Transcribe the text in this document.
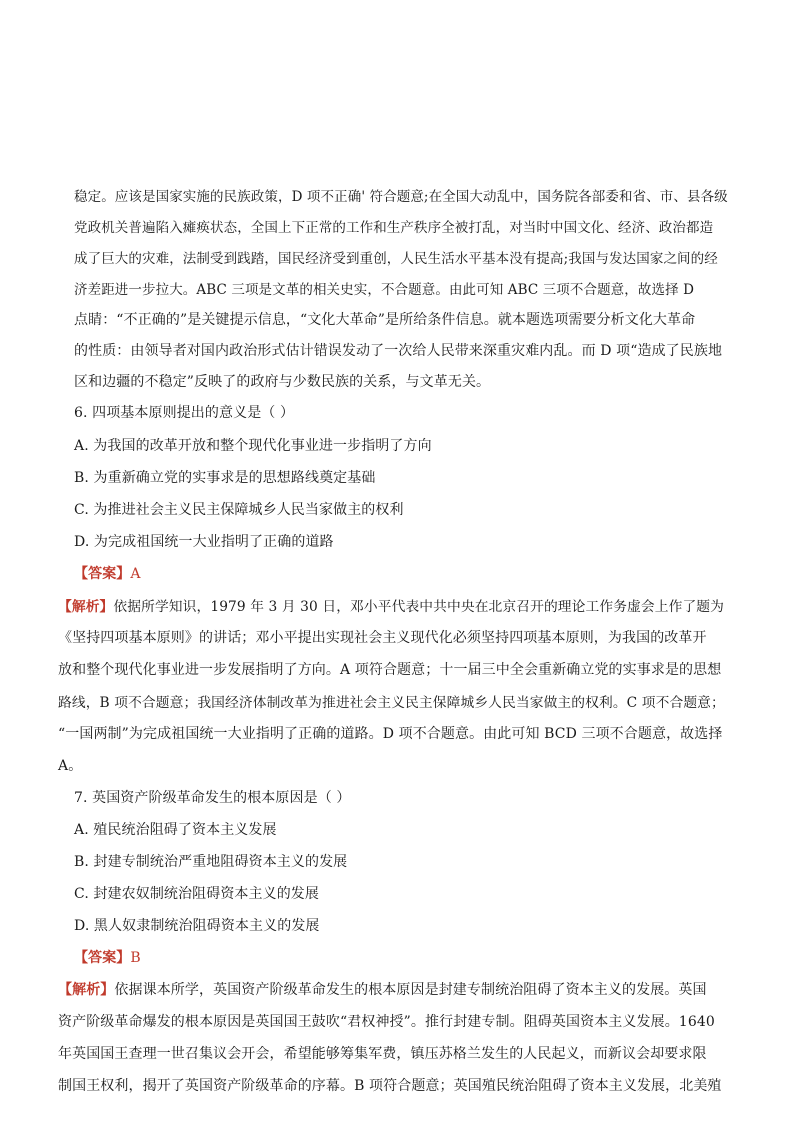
稳定。应该是国家实施的民族政策，D 项不正确' 符合题意;在全国大动乱中，国务院各部委和省、市、县各级
党政机关普遍陷入瘫痪状态，全国上下正常的工作和生产秩序全被打乱，对当时中国文化、经济、政治都造
成了巨大的灾难，法制受到践踏，国民经济受到重创，人民生活水平基本没有提高;我国与发达国家之间的经
济差距进一步拉大。ABC 三项是文革的相关史实，不合题意。由此可知 ABC 三项不合题意，故选择 D
点睛：“不正确的”是关键提示信息，“文化大革命”是所给条件信息。就本题选项需要分析文化大革命
的性质：由领导者对国内政治形式估计错误发动了一次给人民带来深重灾难内乱。而 D 项“造成了民族地
区和边疆的不稳定”反映了的政府与少数民族的关系，与文革无关。
6. 四项基本原则提出的意义是（ ）
A. 为我国的改革开放和整个现代化事业进一步指明了方向
B. 为重新确立党的实事求是的思想路线奠定基础
C. 为推进社会主义民主保障城乡人民当家做主的权利
D. 为完成祖国统一大业指明了正确的道路
【答案】A
【解析】依据所学知识，1979 年 3 月 30 日，邓小平代表中共中央在北京召开的理论工作务虚会上作了题为
《坚持四项基本原则》的讲话；邓小平提出实现社会主义现代化必须坚持四项基本原则，为我国的改革开
放和整个现代化事业进一步发展指明了方向。A 项符合题意；十一届三中全会重新确立党的实事求是的思想
路线，B 项不合题意；我国经济体制改革为推进社会主义民主保障城乡人民当家做主的权利。C 项不合题意；
“一国两制”为完成祖国统一大业指明了正确的道路。D 项不合题意。由此可知 BCD 三项不合题意，故选择
A。
7. 英国资产阶级革命发生的根本原因是（ ）
A. 殖民统治阻碍了资本主义发展
B. 封建专制统治严重地阻碍资本主义的发展
C. 封建农奴制统治阻碍资本主义的发展
D. 黑人奴隶制统治阻碍资本主义的发展
【答案】B
【解析】依据课本所学，英国资产阶级革命发生的根本原因是封建专制统治阻碍了资本主义的发展。英国
资产阶级革命爆发的根本原因是英国国王鼓吹“君权神授”。推行封建专制。阻碍英国资本主义发展。1640
年英国国王查理一世召集议会开会，希望能够筹集军费，镇压苏格兰发生的人民起义，而新议会却要求限
制国王权利，揭开了英国资产阶级革命的序幕。B 项符合题意；英国殖民统治阻碍了资本主义发展，北美殖
